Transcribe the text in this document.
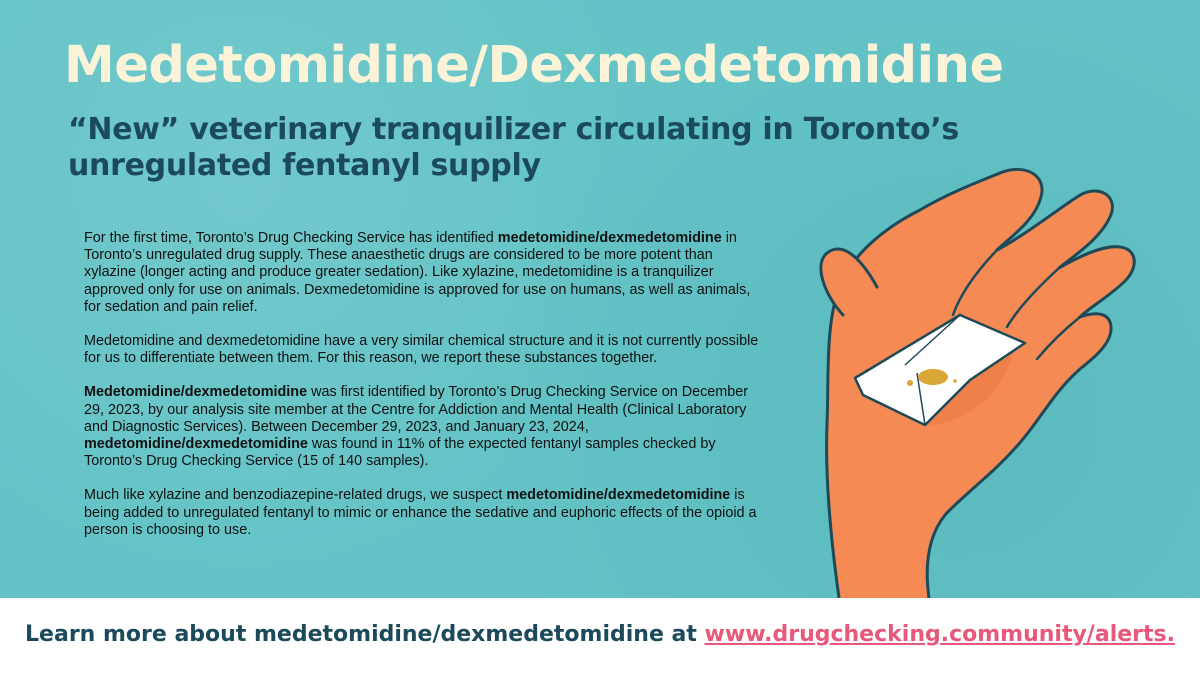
Medetomidine/Dexmedetomidine
“New” veterinary tranquilizer circulating in Toronto’s unregulated fentanyl supply

For the first time, Toronto’s Drug Checking Service has identified medetomidine/dexmedetomidine in Toronto’s unregulated drug supply. These anaesthetic drugs are considered to be more potent than xylazine (longer acting and produce greater sedation). Like xylazine, medetomidine is a tranquilizer approved only for use on animals. Dexmedetomidine is approved for use on humans, as well as animals, for sedation and pain relief.

Medetomidine and dexmedetomidine have a very similar chemical structure and it is not currently possible for us to differentiate between them. For this reason, we report these substances together.

Medetomidine/dexmedetomidine was first identified by Toronto’s Drug Checking Service on December 29, 2023, by our analysis site member at the Centre for Addiction and Mental Health (Clinical Laboratory and Diagnostic Services). Between December 29, 2023, and January 23, 2024, medetomidine/dexmedetomidine was found in 11% of the expected fentanyl samples checked by Toronto’s Drug Checking Service (15 of 140 samples).

Much like xylazine and benzodiazepine-related drugs, we suspect medetomidine/dexmedetomidine is being added to unregulated fentanyl to mimic or enhance the sedative and euphoric effects of the opioid a person is choosing to use.

Learn more about medetomidine/dexmedetomidine at www.drugchecking.community/alerts.
